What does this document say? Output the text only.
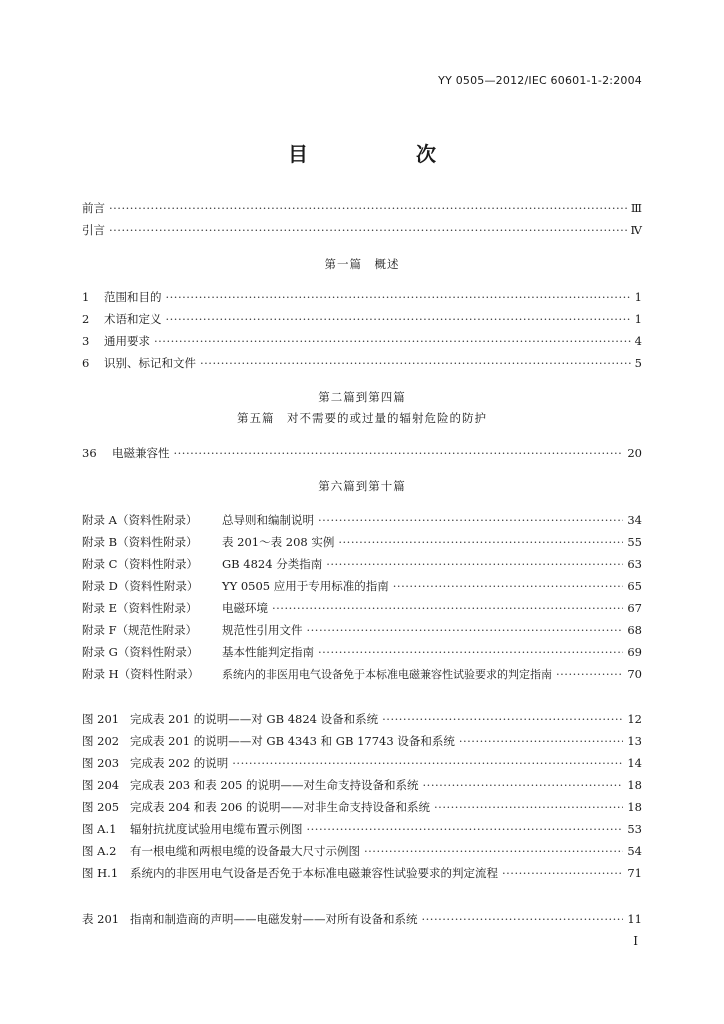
YY 0505—2012/IEC 60601-1-2:2004
目　次
前言 ·····	Ⅲ
引言 ·····	Ⅳ
第一篇　概述
1	范围和目的 ·····	1
2	术语和定义 ·····	1
3	通用要求 ·····	4
6	识别、标记和文件 ·····	5
第二篇到第四篇
第五篇　对不需要的或过量的辐射危险的防护
36	电磁兼容性 ·····	20
第六篇到第十篇
附录 A（资料性附录）	总导则和编制说明 ·····	34
附录 B（资料性附录）	表 201～表 208 实例 ·····	55
附录 C（资料性附录）	GB 4824 分类指南 ·····	63
附录 D（资料性附录）	YY 0505 应用于专用标准的指南 ·····	65
附录 E（资料性附录）	电磁环境 ·····	67
附录 F（规范性附录）	规范性引用文件 ·····	68
附录 G（资料性附录）	基本性能判定指南 ·····	69
附录 H（资料性附录）	系统内的非医用电气设备免于本标准电磁兼容性试验要求的判定指南 ·····	70
图 201 完成表 201 的说明——对 GB 4824 设备和系统 ·····	12
图 202 完成表 201 的说明——对 GB 4343 和 GB 17743 设备和系统 ·····	13
图 203 完成表 202 的说明 ·····	14
图 204 完成表 203 和表 205 的说明——对生命支持设备和系统 ·····	18
图 205 完成表 204 和表 206 的说明——对非生命支持设备和系统 ·····	18
图 A.1	辐射抗扰度试验用电缆布置示例图 ·····	53
图 A.2	有一根电缆和两根电缆的设备最大尺寸示例图 ·····	54
图 H.1	系统内的非医用电气设备是否免于本标准电磁兼容性试验要求的判定流程 ·····	71
表 201 指南和制造商的声明——电磁发射——对所有设备和系统 ·····	11
Ⅰ
